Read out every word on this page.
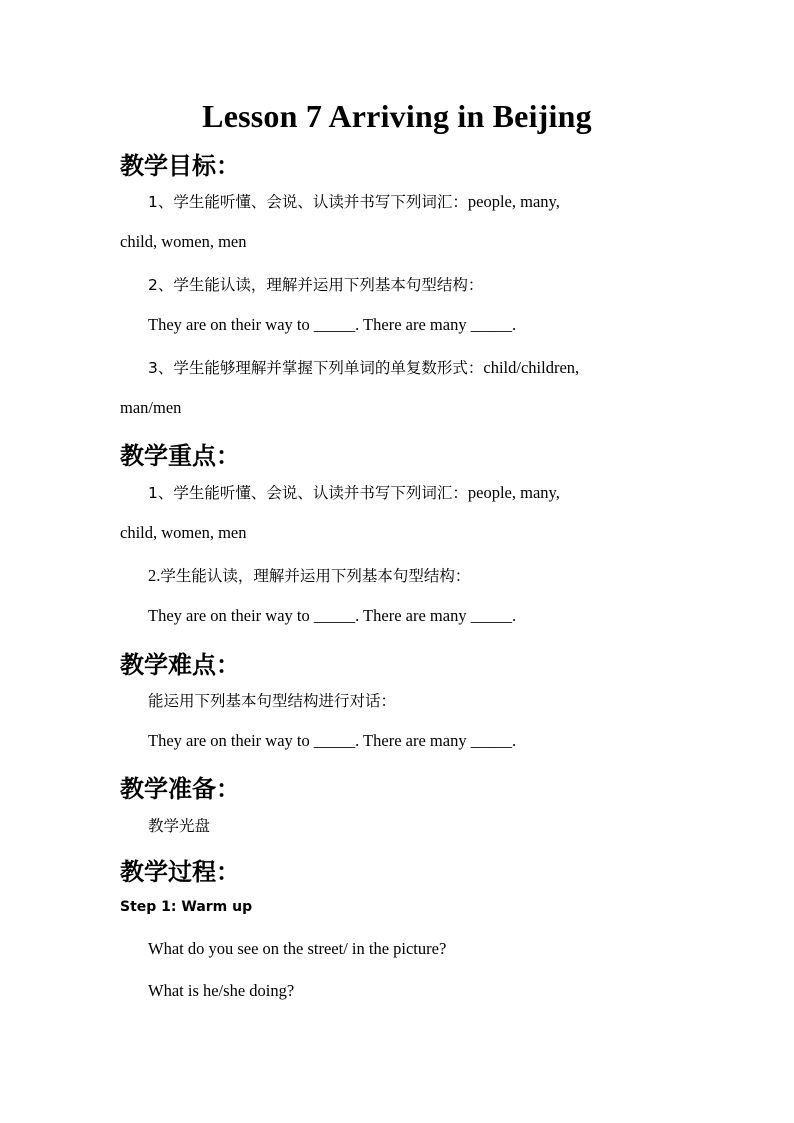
Lesson 7 Arriving in Beijing
教学目标：
1、学生能听懂、会说、认读并书写下列词汇：people, many,
child, women, men
2、学生能认读，理解并运用下列基本句型结构：
They are on their way to _____. There are many _____.
3、学生能够理解并掌握下列单词的单复数形式：child/children,
man/men
教学重点：
1、学生能听懂、会说、认读并书写下列词汇：people, many,
child, women, men
2.学生能认读，理解并运用下列基本句型结构：
They are on their way to _____. There are many _____.
教学难点：
能运用下列基本句型结构进行对话：
They are on their way to _____. There are many _____.
教学准备：
教学光盘
教学过程：
Step 1: Warm up
What do you see on the street/ in the picture?
What is he/she doing?
